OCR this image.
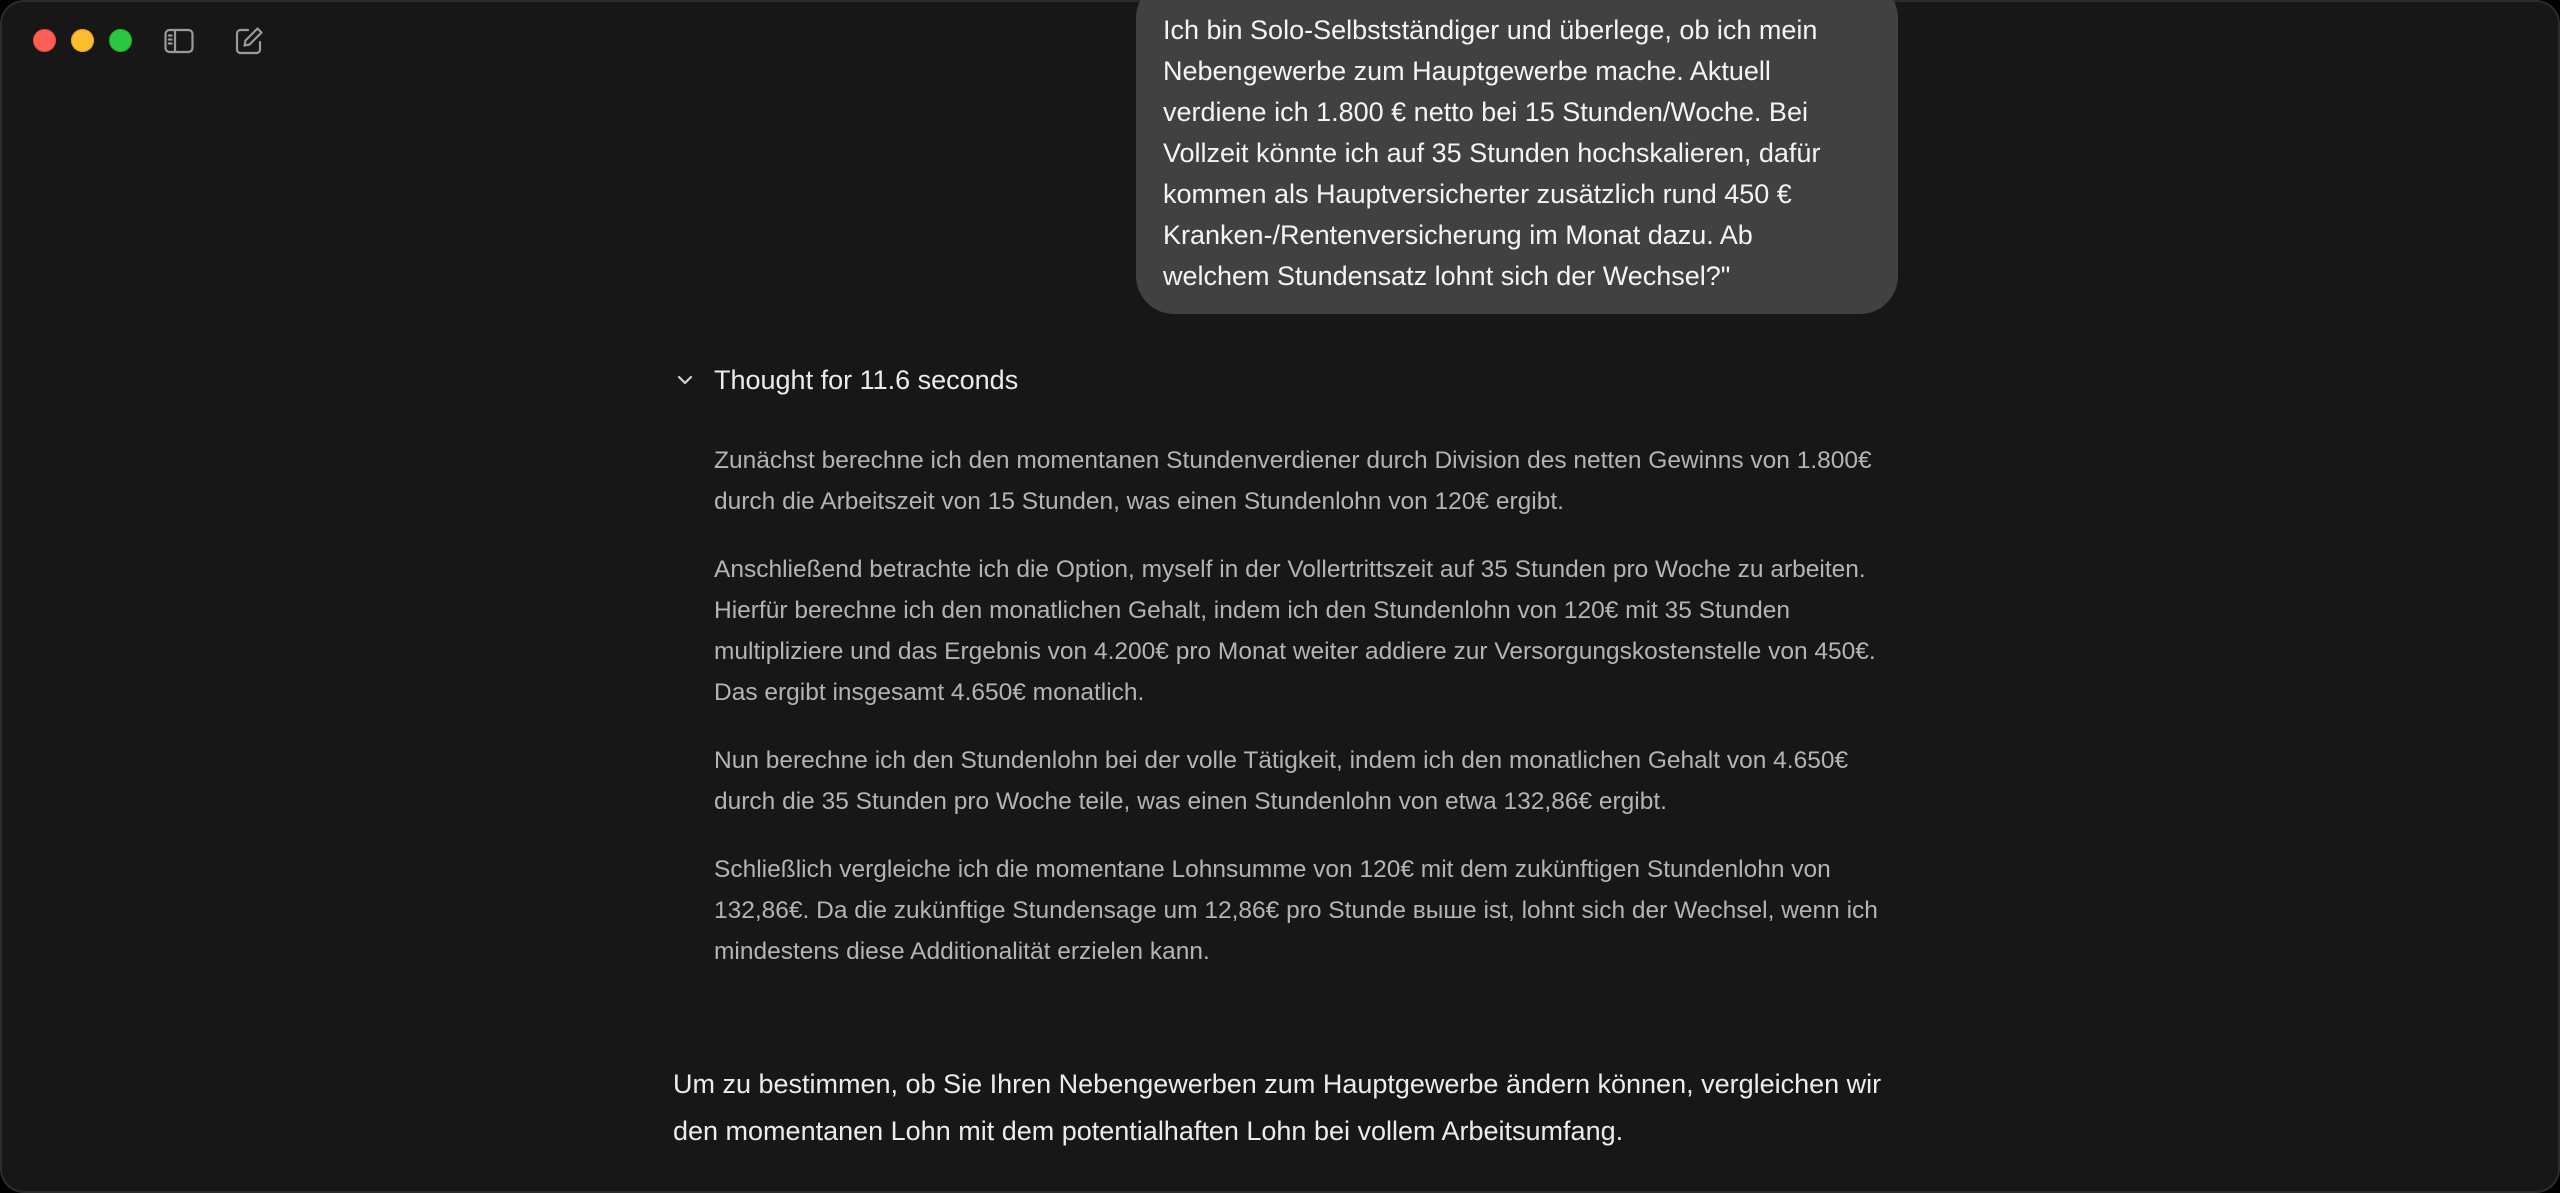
Ich bin Solo-Selbstständiger und überlege, ob ich mein Nebengewerbe zum Hauptgewerbe mache. Aktuell verdiene ich 1.800 € netto bei 15 Stunden/Woche. Bei Vollzeit könnte ich auf 35 Stunden hochskalieren, dafür kommen als Hauptversicherter zusätzlich rund 450 € Kranken-/Rentenversicherung im Monat dazu. Ab welchem Stundensatz lohnt sich der Wechsel?"
Thought for 11.6 seconds

Zunächst berechne ich den momentanen Stundenverdiener durch Division des netten Gewinns von 1.800€ durch die Arbeitszeit von 15 Stunden, was einen Stundenlohn von 120€ ergibt.

Anschließend betrachte ich die Option, myself in der Vollertrittszeit auf 35 Stunden pro Woche zu arbeiten. Hierfür berechne ich den monatlichen Gehalt, indem ich den Stundenlohn von 120€ mit 35 Stunden multipliziere und das Ergebnis von 4.200€ pro Monat weiter addiere zur Versorgungskostenstelle von 450€. Das ergibt insgesamt 4.650€ monatlich.

Nun berechne ich den Stundenlohn bei der volle Tätigkeit, indem ich den monatlichen Gehalt von 4.650€ durch die 35 Stunden pro Woche teile, was einen Stundenlohn von etwa 132,86€ ergibt.

Schließlich vergleiche ich die momentane Lohnsumme von 120€ mit dem zukünftigen Stundenlohn von 132,86€. Da die zukünftige Stundensage um 12,86€ pro Stunde выше ist, lohnt sich der Wechsel, wenn ich mindestens diese Additionalität erzielen kann.

Um zu bestimmen, ob Sie Ihren Nebengewerben zum Hauptgewerbe ändern können, vergleichen wir den momentanen Lohn mit dem potentialhaften Lohn bei vollem Arbeitsumfang.
